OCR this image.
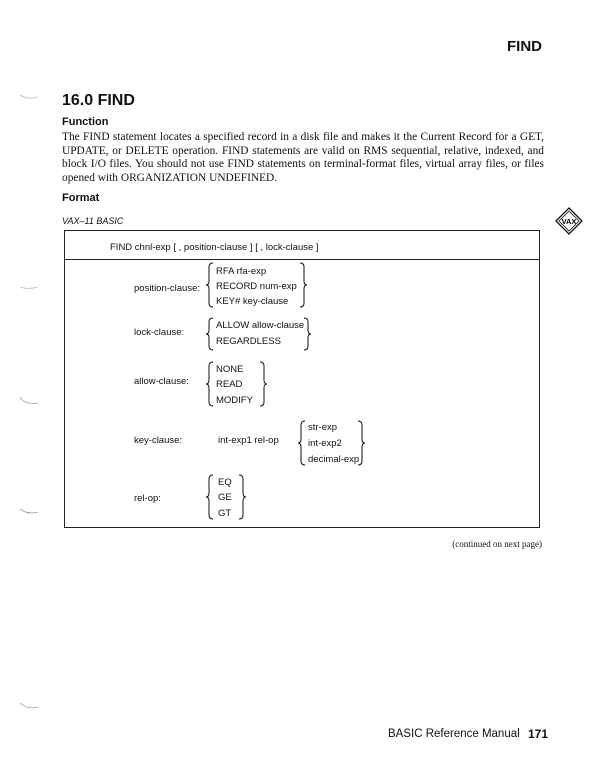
FIND
16.0 FIND
Function
The FIND statement locates a specified record in a disk file and makes it the Current Record for a GET, UPDATE, or DELETE operation. FIND statements are valid on RMS sequential, relative, indexed, and block I/O files. You should not use FIND statements on terminal-format files, virtual array files, or files opened with ORGANIZATION UNDEFINED.
Format
VAX–11 BASIC	VAX
FIND chnl-exp [ , position-clause ] [ , lock-clause ]
position-clause:
RFA rfa-exp
RECORD num-exp
KEY# key-clause
lock-clause:
ALLOW allow-clause
REGARDLESS
allow-clause:
NONE
READ
MODIFY
key-clause:	int-exp1 rel-op
str-exp
int-exp2
decimal-exp
rel-op:
EQ
GE
GT
(continued on next page)
BASIC Reference Manual 171
